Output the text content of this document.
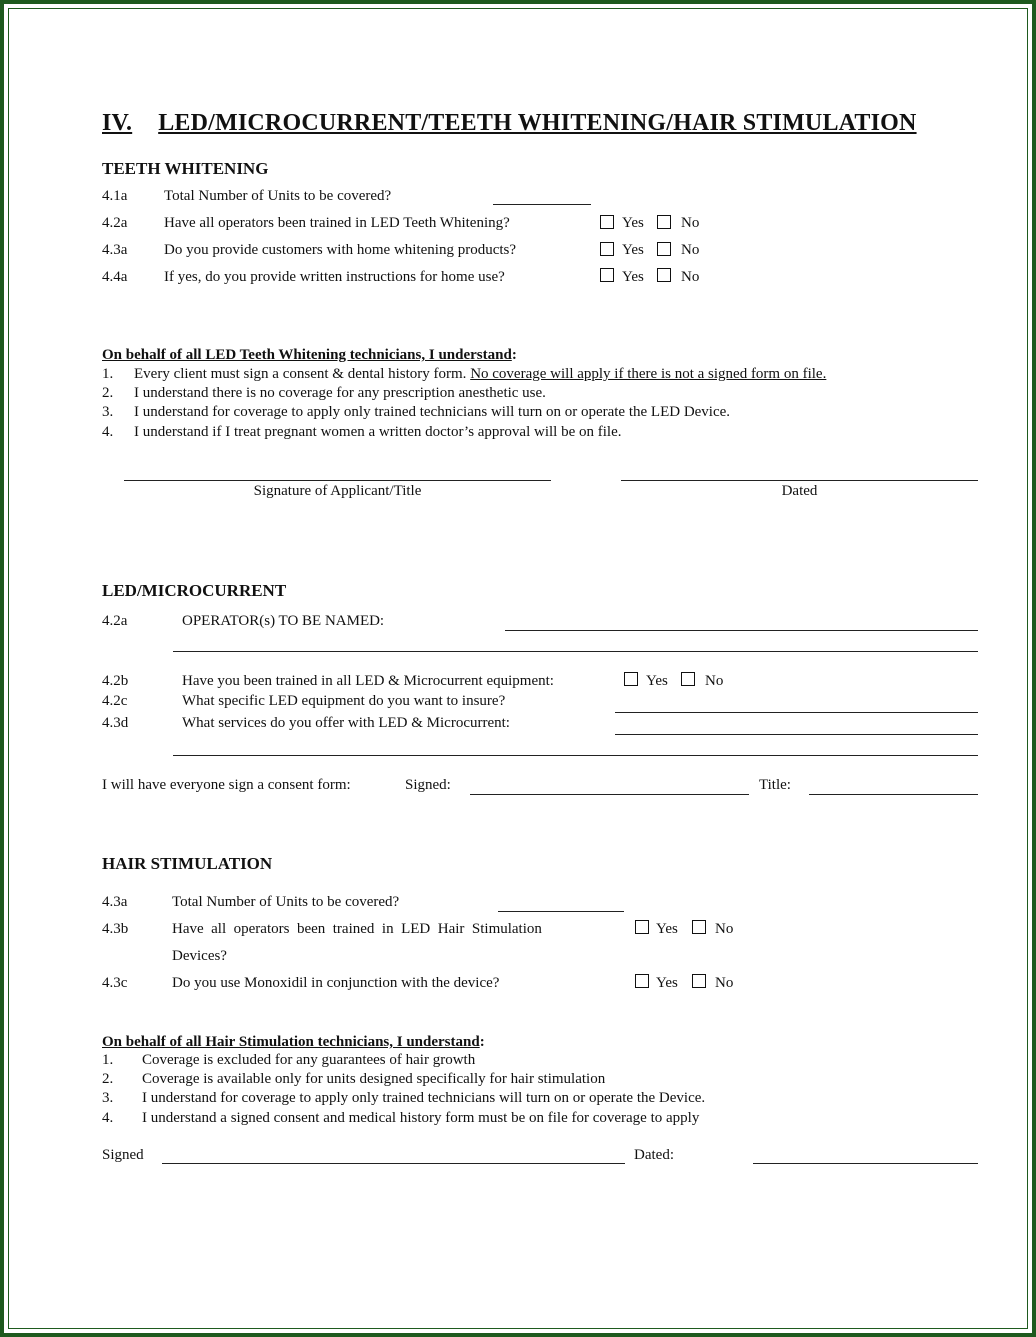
IV. LED/MICROCURRENT/TEETH WHITENING/HAIR STIMULATION
TEETH WHITENING
4.1a Total Number of Units to be covered?
4.2a Have all operators been trained in LED Teeth Whitening?	Yes No
4.3a Do you provide customers with home whitening products?	Yes No
4.4a If yes, do you provide written instructions for home use?	Yes No
On behalf of all LED Teeth Whitening technicians, I understand:
1. Every client must sign a consent & dental history form. No coverage will apply if there is not a signed form on file.
2. I understand there is no coverage for any prescription anesthetic use.
3. I understand for coverage to apply only trained technicians will turn on or operate the LED Device.
4. I understand if I treat pregnant women a written doctor’s approval will be on file.
Signature of Applicant/Title	Dated
LED/MICROCURRENT
4.2a	OPERATOR(s) TO BE NAMED:
4.2b	Have you been trained in all LED & Microcurrent equipment:	Yes No
4.2c	What specific LED equipment do you want to insure?
4.3d	What services do you offer with LED & Microcurrent:
I will have everyone sign a consent form:	Signed:	Title:
HAIR STIMULATION
4.3a	Total Number of Units to be covered?
4.3b	Have  all  operators  been  trained  in  LED  Hair  Stimulation	Yes No
Devices?
4.3c	Do you use Monoxidil in conjunction with the device?	Yes No
On behalf of all Hair Stimulation technicians, I understand:
1. Coverage is excluded for any guarantees of hair growth
2. Coverage is available only for units designed specifically for hair stimulation
3. I understand for coverage to apply only trained technicians will turn on or operate the Device.
4. I understand a signed consent and medical history form must be on file for coverage to apply
Signed	Dated:
